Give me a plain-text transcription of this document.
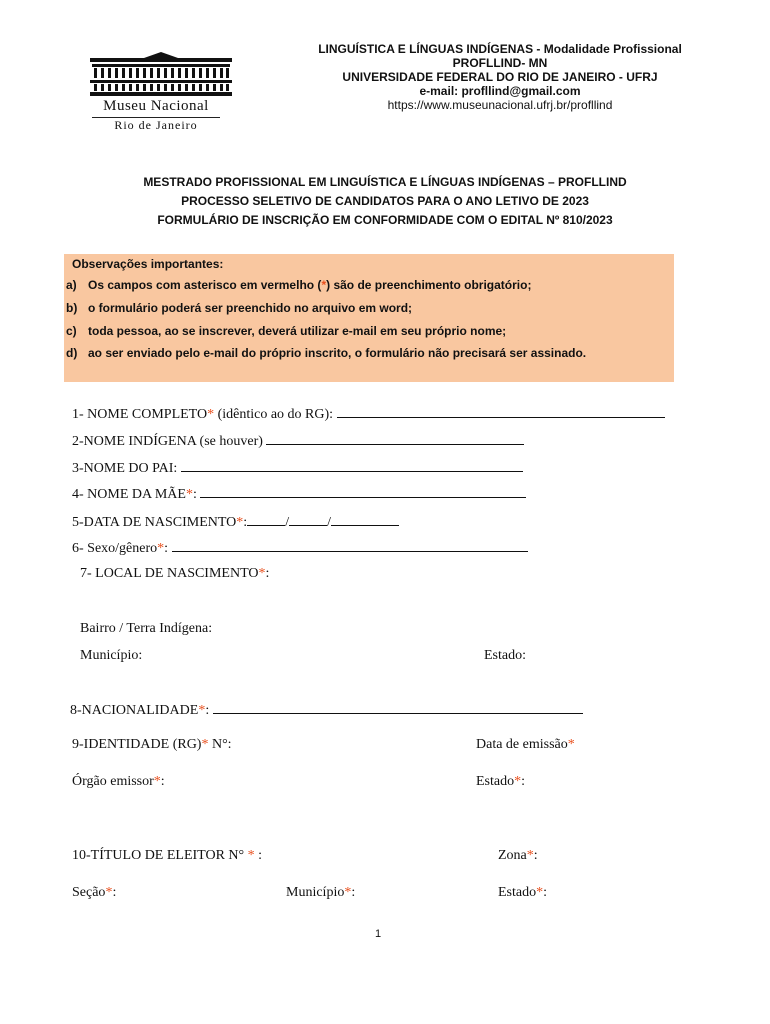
Museu Nacional
Rio de Janeiro
LINGUÍSTICA E LÍNGUAS INDÍGENAS - Modalidade Profissional
PROFLLIND- MN
UNIVERSIDADE FEDERAL DO RIO DE JANEIRO - UFRJ
e-mail: profllind@gmail.com
https://www.museunacional.ufrj.br/profllind
MESTRADO PROFISSIONAL EM LINGUÍSTICA E LÍNGUAS INDÍGENAS – PROFLLIND
PROCESSO SELETIVO DE CANDIDATOS PARA O ANO LETIVO DE 2023
FORMULÁRIO DE INSCRIÇÃO EM CONFORMIDADE COM O EDITAL Nº 810/2023
Observações importantes:
a) Os campos com asterisco em vermelho (*) são de preenchimento obrigatório;
b) o formulário poderá ser preenchido no arquivo em word;
c) toda pessoa, ao se inscrever, deverá utilizar e-mail em seu próprio nome;
d) ao ser enviado pelo e-mail do próprio inscrito, o formulário não precisará ser assinado.
1- NOME COMPLETO* (idêntico ao do RG):
2-NOME INDÍGENA (se houver)
3-NOME DO PAI:
4- NOME DA MÃE*:
5-DATA DE NASCIMENTO*:	/	/
6- Sexo/gênero*:
7- LOCAL DE NASCIMENTO*:
Bairro / Terra Indígena:
Município:	Estado:
8-NACIONALIDADE*:
9-IDENTIDADE (RG)* N°:	Data de emissão*
Órgão emissor*:	Estado*:
10-TÍTULO DE ELEITOR N° * :	Zona*:
Seção*:	Município*:	Estado*:
1
